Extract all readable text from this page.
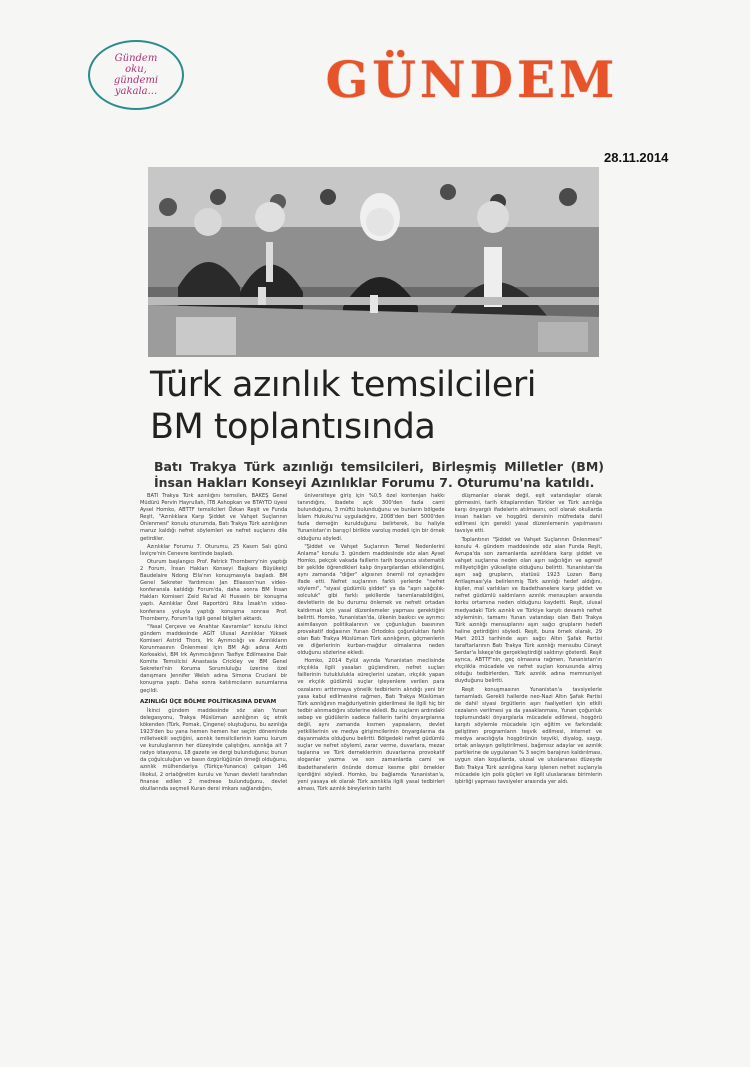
Gündem
oku,
gündemi
yakala...	GÜNDEM
28.11.2014
Türk azınlık temsilcileri
BM toplantısında
Batı Trakya Türk azınlığı temsilcileri, Birleşmiş Milletler (BM) İnsan Hakları Konseyi Azınlıklar Forumu 7. Oturumu'na katıldı.

BATI Trakya Türk azınlığını temsilen, BAKEŞ Genel Müdürü Pervin Hayrullah, İTB Ashopkan ve BTAYTD üyesi Aysel Homko, ABTTF temsilcileri Özkan Reşit ve Funda Reşit, "Azınlıklara Karşı Şiddet ve Vahşet Suçlarının Önlenmesi" konulu oturumda, Batı Trakya Türk azınlığının maruz kaldığı nefret söylemleri ve nefret suçlarını dile getirdiler.

Azınlıklar Forumu 7. Oturumu, 25 Kasım Salı günü İsviçre'nin Cenevre kentinde başladı.

Oturum başlangıcı Prof. Patrick Thornberry'nin yaptığı 2 Forum, İnsan Hakları Konseyi Başkanı Büyükelçi Baudelaire Ndong Ella'nın konuşmasıyla başladı. BM Genel Sekreter Yardımcısı Jan Eliasson'nun video-konferansla katıldığı Forum'da, daha sonra BM İnsan Hakları Komiseri Zeid Ra'ad Al Hussein bir konuşma yaptı. Azınlıklar Özel Raportörü Rita İzsak'ın video-konferans yoluyla yaptığı konuşma sonrası Prof. Thornberry, Forum'la ilgili genel bilgileri aktardı.

"Yasal Çerçeve ve Anahtar Kavramlar" konulu ikinci gündem maddesinde AGİT Ulusal Azınlıklar Yüksek Komiseri Astrid Thors, Irk Ayrımcılığı ve Azınlıkların Korunmasının Önlenmesi için BM Ağı adına Antti Korkeakivi, BM Irk Ayrımcılığının Tasfiye Edilmesine Dair Komite Temsilcisi Anastasia Crickley ve BM Genel Sekreteri'nin Koruma Sorumluluğu üzerine özel danışmanı Jennifer Welsh adına Simona Cruciani bir konuşma yaptı. Daha sonra katılımcıların sunumlarına geçildi.

AZINLIĞI ÜÇE BÖLME POLİTİKASINA DEVAM

İkinci gündem maddesinde söz alan Yunan delegasyonu, Trakya Müslüman azınlığının üç etnik kökenden (Türk, Pomak, Çingene) oluştuğunu, bu azınlığa 1923'den bu yana hemen hemen her seçim döneminde milletvekili seçtiğini, azınlık temsilcilerinin kamu kurum ve kuruluşlarının her düzeyinde çalıştığını, azınlığa ait 7 radyo istasyonu, 18 gazete ve dergi bulunduğunu; bunun da çoğulculuğun ve basın özgürlüğünün örneği olduğunu, azınlık mülhendariya (Türkçe-Yunanca) çalışan 146 ilkokul, 2 ortaöğretim kurulu ve Yunan devleti tarafından finanse edilen 2 medrese bulunduğunu, devlet okullarında seçmeli Kuran dersi imkanı sağlandığını,

üniversiteye giriş için %0,5 özel kontenjan hakkı tanındığını, ibadete açık 300'den fazla cami bulunduğunu, 3 müftü bulunduğunu ve bunların bölgede İslam Hukuku'nu uyguladığını, 2008'den beri 5000'den fazla derneğin kurulduğunu belirterek, bu haliyle Yunanistan'ın barışçıl birlikte varoluş modeli için bir örnek olduğunu söyledi.

"Şiddet ve Vahşet Suçlarının Temel Nedenlerini Anlama" konulu 3. gündem maddesinde söz alan Aysel Homko, pekçok vakada faillerin tarih boyunca sistematik bir şekilde öğrendikleri kalıp önyargılardan etkilendiğini, aynı zamanda "diğer" algısının önemli rol oynadığını ifade etti. Nefret suçlarının farklı yerlerde "nefret söylemi", "siyasi güdümlü şiddet" ya da "aşırı sağcılık-solculuk" gibi farklı şekillerde tanımlanabildiğini, devletlerin de bu durumu önlemek ve nefreti ortadan kaldırmak için yasal düzenlemeler yapması gerektiğini belirtti. Homko, Yunanistan'da, ülkenin baskıcı ve ayrımcı asimilasyon politikalarının ve çoğunluğun basınının provakatif doğasının Yunan Ortodoks çoğunluktan farklı olan Batı Trakya Müslüman Türk azınlığının, göçmenlerin ve diğerlerinin kurban-mağdur olmalarına neden olduğunu sözlerine ekledi.

Homko, 2014 Eylül ayında Yunanistan meclisinde ırkçılıkla ilgili yasaları güçlendiren, nefret suçları faillerinin tutuklulukla süreçlerini uzatan, ırkçılık yapan ve ırkçılık güdümlü suçlar işleyenlere verilen para cezalarını arttırmaya yönelik tedbirlerin alındığı yeni bir yasa kabul edilmesine rağmen, Batı Trakya Müslüman Türk azınlığının mağduriyetinin giderilmesi ile ilgili hiç bir tedbir alınmadığını sözlerine ekledi. Bu suçların ardındaki sebep ve güdülerin sadece faillerin tarihi önyargılarına değil, aynı zamanda kısmen yapısaların, devlet yetkililerinin ve medya girişimcilerinin önyargılarına da dayanmakta olduğunu belirtti. Bölgedeki nefret güdümlü suçlar ve nefret söylemi, zarar verme, duvarlara, mezar taşlarına ve Türk derneklerinin duvarlarına provokatif sloganlar yazma ve son zamanlarda cami ve ibadethanelerin önünde domuz kesme gibi örnekler içerdiğini söyledi. Homko, bu bağlamda Yunanistan'a, yeni yasaya ek olarak Türk azınlıkla ilgili yasal tedbirleri alması, Türk azınlık bireylerinin tarihi

düşmanlar olarak değil, eşit vatandaşlar olarak görmesini, tarih kitaplarından Türkler ve Türk azınlığa karşı önyargılı ifadelerin atılmasını, ocil olarak okullarda insan hakları ve hoşgörü dersinin müfredata dahil edilmesi için gerekli yasal düzenlemenin yapılmasını tavsiye etti.

Toplantının "Şiddet ve Vahşet Suçlarının Önlenmesi" konulu 4. gündem maddesinde söz alan Funda Reşit, Avrupa'da son zamanlarda azınlıklara karşı şiddet ve vahşet suçlarına neden olan aşırı sağcılığın ve agresif milliyetçiliğin yükselişte olduğunu belirtti. Yunanistan'da aşırı sağ grupların, statüsü 1923 Lozan Barış Antlaşması'yla belirlenmiş Türk azınlığı hedef aldığını, kişiler, mal varlıkları ve ibadethanelere karşı şiddet ve nefret güdümlü saldırıların azınlık mensupları arasında korku ortamına neden olduğunu kaydetti. Reşit, ulusal medyadaki Türk azınlık ve Türkiye karşıtı devamlı nefret söyleminin, tamamı Yunan vatandaşı olan Batı Trakya Türk azınlığı mensuplarını aşırı sağcı grupların hedefi haline getirdiğini söyledi. Reşit, buna örnek olarak, 29 Mart 2013 tarihinde aşırı sağcı Altın Şafak Partisi taraftarlarının Batı Trakya Türk azınlığı mensubu Cüneyt Serdar'a İskeçe'de gerçekleştirdiği saldırıyı gösterdi. Reşit ayrıca, ABTTF'nin, geç olmasına rağmen, Yunanistan'ın ırkçılıkla mücadele ve nefret suçları konusunda almış olduğu tedbirlerden, Türk azınlık adına memnuniyet duyduğunu belirtti.

Reşit konuşmasının Yunanistan'a tavsiyelerle tamamladı. Gerekli hallerde neo-Nazi Altın Şafak Partisi de dahil siyasi örgütlerin aşırı faaliyetleri için etkili cezaların verilmesi ya da yasaklanması, Yunan çoğunluk toplumundaki önyargılarla mücadele edilmesi, hoşgörü karşıtı söylemle mücadele için eğitim ve farkındalık geliştiren programların teşvik edilmesi, internet ve medya aracılığıyla hoşgörünün teşviki, diyalog, saygı, ortak anlayışın geliştirilmesi, bağımsız adaylar ve azınlık partilerine de uygulanan % 3 seçim barajının kaldırılması, uygun olan koşullarda, ulusal ve uluslararası düzeyde Batı Trakya Türk azınlığına karşı işlenen nefret suçlarıyla mücadele için polis güçleri ve ilgili uluslararası birimlerin işbirliği yapması tavsiyeler arasında yer aldı.
